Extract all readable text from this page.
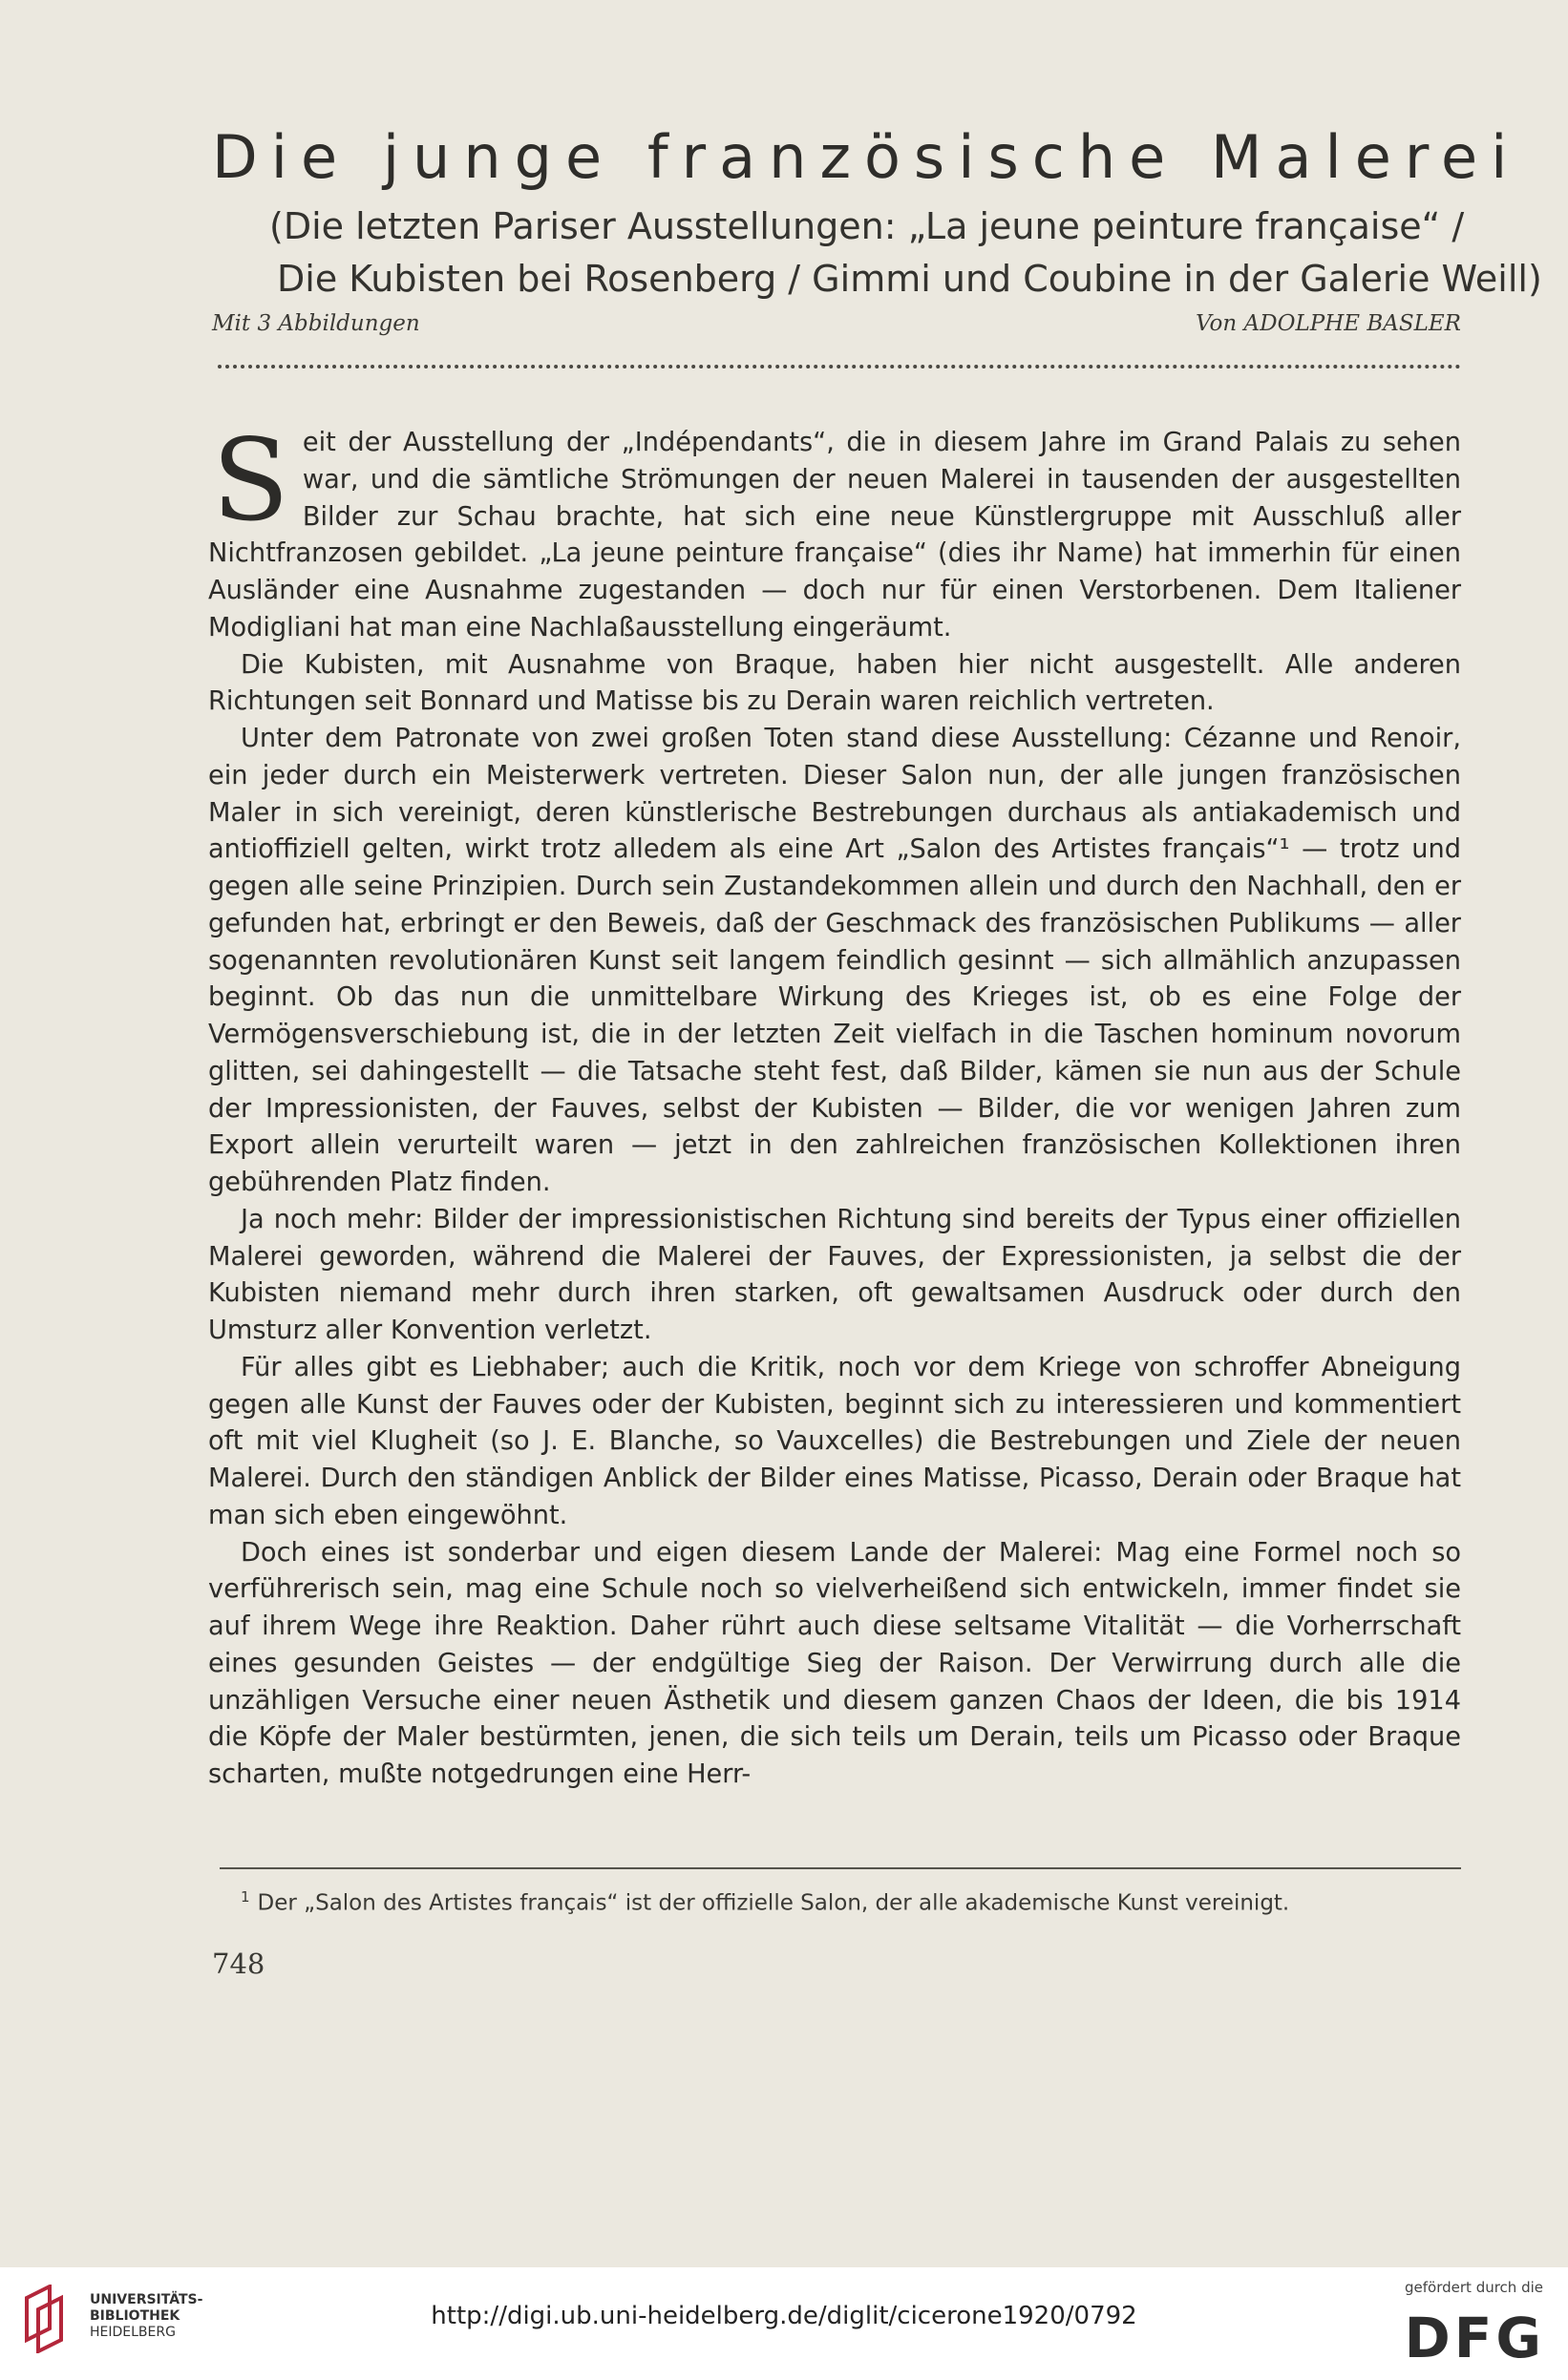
Die junge französische Malerei
(Die letzten Pariser Ausstellungen: „La jeune peinture française“ /
Die Kubisten bei Rosenberg / Gimmi und Coubine in der Galerie Weill)
Mit 3 Abbildungen	Von ADOLPHE BASLER

Seit der Ausstellung der „Indépendants“, die in diesem Jahre im Grand Palais zu sehen war, und die sämtliche Strömungen der neuen Malerei in tausenden der ausgestellten Bilder zur Schau brachte, hat sich eine neue Künstlergruppe mit Ausschluß aller Nichtfranzosen gebildet. „La jeune peinture française“ (dies ihr Name) hat immerhin für einen Ausländer eine Ausnahme zugestanden — doch nur für einen Verstorbenen. Dem Italiener Modigliani hat man eine Nachlaßausstellung eingeräumt.

Die Kubisten, mit Ausnahme von Braque, haben hier nicht ausgestellt. Alle anderen Richtungen seit Bonnard und Matisse bis zu Derain waren reichlich vertreten.

Unter dem Patronate von zwei großen Toten stand diese Ausstellung: Cézanne und Renoir, ein jeder durch ein Meisterwerk vertreten. Dieser Salon nun, der alle jungen französischen Maler in sich vereinigt, deren künstlerische Bestrebungen durchaus als antiakademisch und antioffiziell gelten, wirkt trotz alledem als eine Art „Salon des Artistes français“¹ — trotz und gegen alle seine Prinzipien. Durch sein Zustandekommen allein und durch den Nachhall, den er gefunden hat, erbringt er den Beweis, daß der Geschmack des französischen Publikums — aller sogenannten revolutionären Kunst seit langem feindlich gesinnt — sich allmählich anzupassen beginnt. Ob das nun die unmittelbare Wirkung des Krieges ist, ob es eine Folge der Vermögensverschiebung ist, die in der letzten Zeit vielfach in die Taschen hominum novorum glitten, sei dahingestellt — die Tatsache steht fest, daß Bilder, kämen sie nun aus der Schule der Impressionisten, der Fauves, selbst der Kubisten — Bilder, die vor wenigen Jahren zum Export allein verurteilt waren — jetzt in den zahlreichen französischen Kollektionen ihren gebührenden Platz finden.

Ja noch mehr: Bilder der impressionistischen Richtung sind bereits der Typus einer offiziellen Malerei geworden, während die Malerei der Fauves, der Expressionisten, ja selbst die der Kubisten niemand mehr durch ihren starken, oft gewaltsamen Ausdruck oder durch den Umsturz aller Konvention verletzt.

Für alles gibt es Liebhaber; auch die Kritik, noch vor dem Kriege von schroffer Abneigung gegen alle Kunst der Fauves oder der Kubisten, beginnt sich zu interessieren und kommentiert oft mit viel Klugheit (so J. E. Blanche, so Vauxcelles) die Bestrebungen und Ziele der neuen Malerei. Durch den ständigen Anblick der Bilder eines Matisse, Picasso, Derain oder Braque hat man sich eben eingewöhnt.

Doch eines ist sonderbar und eigen diesem Lande der Malerei: Mag eine Formel noch so verführerisch sein, mag eine Schule noch so vielverheißend sich entwickeln, immer findet sie auf ihrem Wege ihre Reaktion. Daher rührt auch diese seltsame Vitalität — die Vorherrschaft eines gesunden Geistes — der endgültige Sieg der Raison. Der Verwirrung durch alle die unzähligen Versuche einer neuen Ästhetik und diesem ganzen Chaos der Ideen, die bis 1914 die Köpfe der Maler bestürmten, jenen, die sich teils um Derain, teils um Picasso oder Braque scharten, mußte notgedrungen eine Herr-

$^1$ Der „Salon des Artistes français“ ist der offizielle Salon, der alle akademische Kunst vereinigt.
748
UNIVERSITÄTS-
BIBLIOTHEK
HEIDELBERG
http://digi.ub.uni-heidelberg.de/diglit/cicerone1920/0792
gefördert durch die
DFG
